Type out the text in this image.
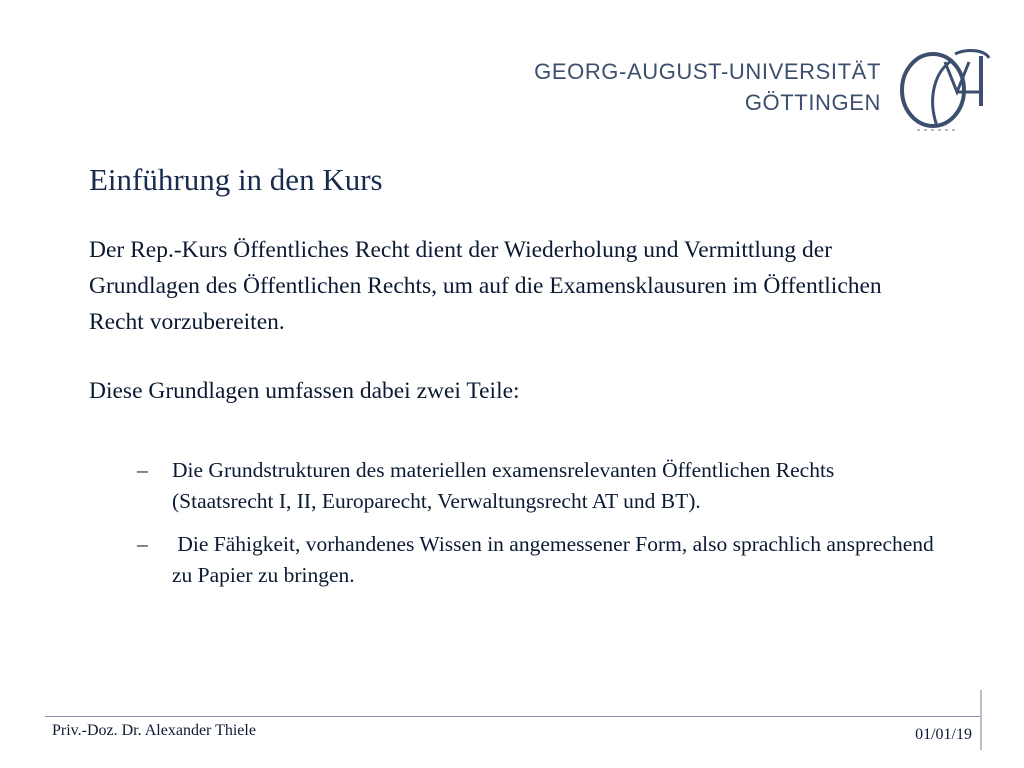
GEORG-AUGUST-UNIVERSITÄT
GÖTTINGEN
Einführung in den Kurs

Der Rep.-Kurs Öffentliches Recht dient der Wiederholung und Vermittlung der Grundlagen des Öffentlichen Rechts, um auf die Examensklausuren im Öffentlichen Recht vorzubereiten.

Diese Grundlagen umfassen dabei zwei Teile:

– Die Grundstrukturen des materiellen examensrelevanten Öffentlichen Rechts (Staatsrecht I, II, Europarecht, Verwaltungsrecht AT und BT).
– Die Fähigkeit, vorhandenes Wissen in angemessener Form, also sprachlich ansprechend zu Papier zu bringen.
Priv.-Doz. Dr. Alexander Thiele	01/01/19
